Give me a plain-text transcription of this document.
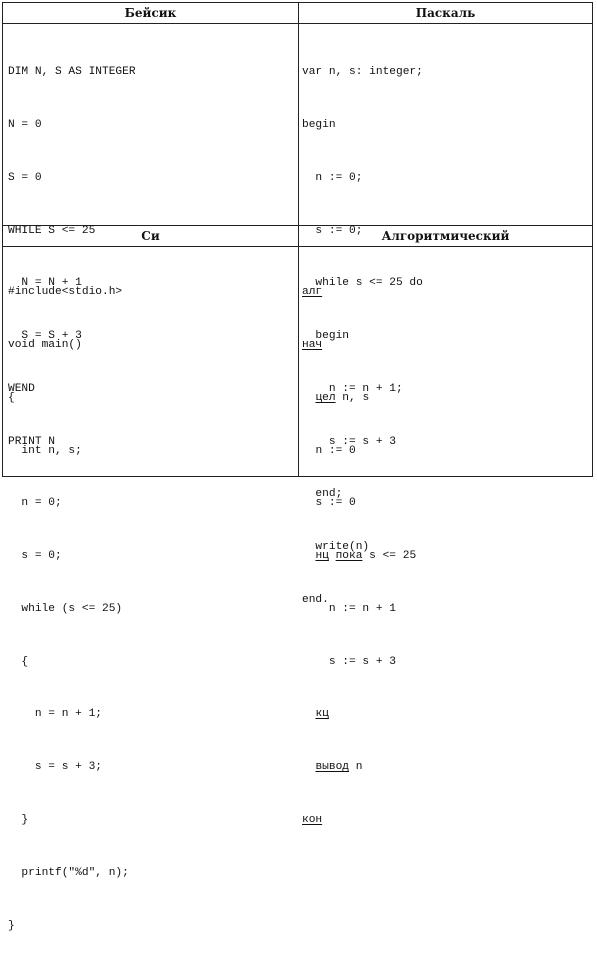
Бейсик	Паскаль
Си	Алгоритмический

DIM N, S AS INTEGER

N = 0

S = 0

WHILE S <= 25

N = N + 1

S = S + 3

WEND

PRINT N

var n, s: integer;

begin

n := 0;

s := 0;

while s <= 25 do

begin

n := n + 1;

s := s + 3

end;

write(n)

end.

#include<stdio.h>

void main()

{

int n, s;

n = 0;

s = 0;

while (s <= 25)

{

n = n + 1;

s = s + 3;

}

printf("%d", n);

}

алг

нач

цел n, s

n := 0

s := 0

нц пока s <= 25

n := n + 1

s := s + 3

кц

вывод n

кон
